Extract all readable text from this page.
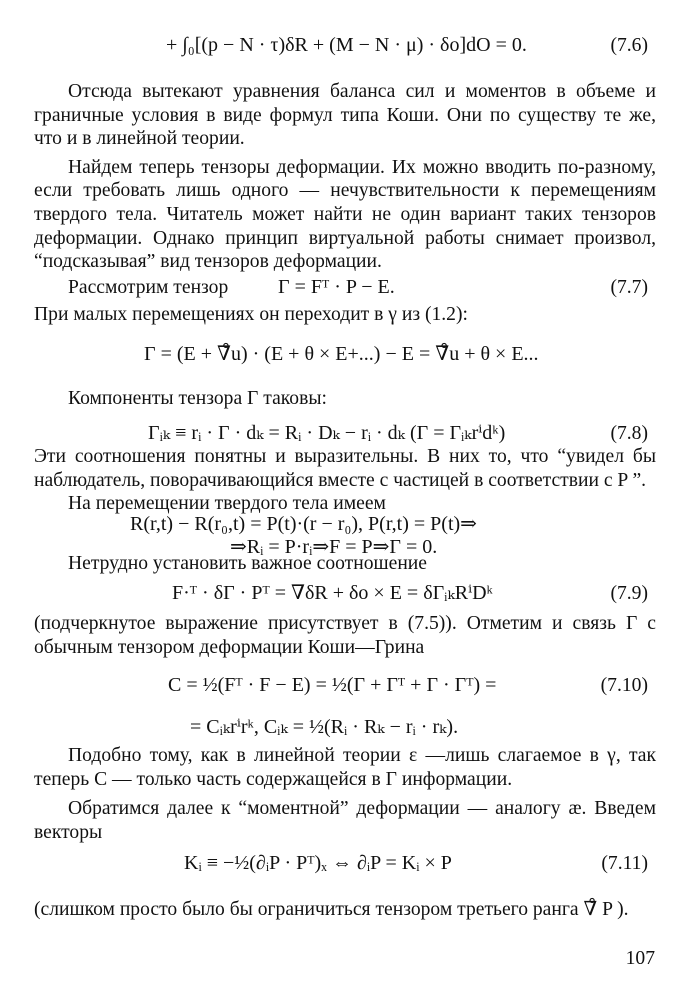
+ ∫₀[(p − N · τ)δR + (M − N · μ) · δo]dO = 0.	(7.6)

Отсюда вытекают уравнения баланса сил и моментов в объеме и граничные условия в виде формул типа Коши. Они по существу те же, что и в линейной теории.

Найдем теперь тензоры деформации. Их можно вводить по-разному, если требовать лишь одного — нечувствительности к перемещениям твердого тела. Читатель может найти не один вариант таких тензоров деформации. Однако принцип виртуальной работы снимает произвол, “подсказывая” вид тензоров деформации.

Рассмотрим тензор	Γ = Fᵀ · P − E.	(7.7)

При малых перемещениях он переходит в γ из (1.2):

Γ = (E + ∇̊u) · (E + θ × E+...) − E = ∇̊u + θ × E...

Компоненты тензора Γ таковы:

Γᵢₖ ≡ rᵢ · Γ · dₖ = Rᵢ · Dₖ − rᵢ · dₖ (Γ = Γᵢₖrⁱdᵏ)	(7.8)

Эти соотношения понятны и выразительны. В них то, что “увидел бы наблюдатель, поворачивающийся вместе с частицей в соответствии с P ”.

На перемещении твердого тела имеем

R(r,t) − R(r₀,t) = P(t)·(r − r₀), P(r,t) = P(t)⇒
⇒Rᵢ = P·rᵢ⇒F = P⇒Γ = 0.

Нетрудно установить важное соотношение

F·ᵀ · δΓ · Pᵀ = ∇δR + δo × E = δΓᵢₖRⁱDᵏ	(7.9)

(подчеркнутое выражение присутствует в (7.5)). Отметим и связь Γ с обычным тензором деформации Коши—Грина

C = ½(Fᵀ · F − E) = ½(Γ + Γᵀ + Γ · Γᵀ) =	(7.10)
= Cᵢₖrⁱrᵏ, Cᵢₖ = ½(Rᵢ · Rₖ − rᵢ · rₖ).

Подобно тому, как в линейной теории ε —лишь слагаемое в γ, так теперь C — только часть содержащейся в Γ информации.

Обратимся далее к “моментной” деформации — аналогу æ. Введем векторы

Kᵢ ≡ −½(∂ᵢP · Pᵀ)ₓ ⇔ ∂ᵢP = Kᵢ × P	(7.11)

(слишком просто было бы ограничиться тензором третьего ранга ∇̊ P ).

107
